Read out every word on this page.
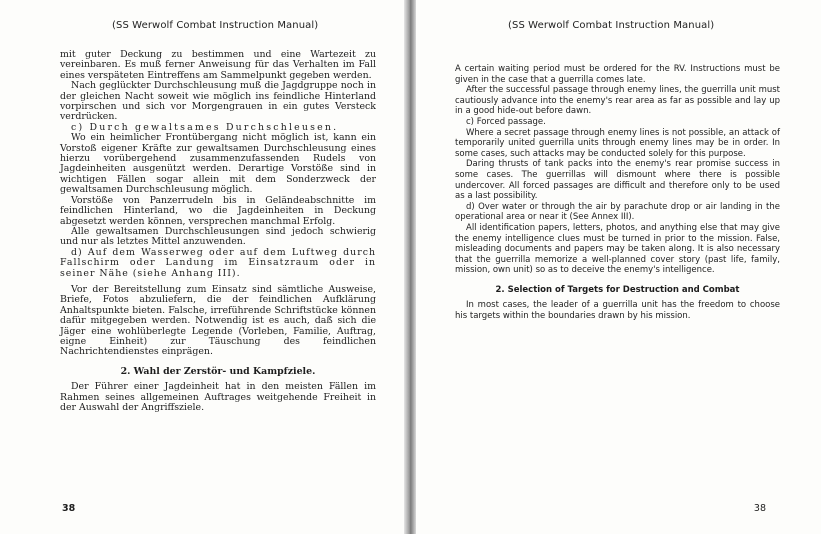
(SS Werwolf Combat Instruction Manual)

mit guter Deckung zu bestimmen und eine Wartezeit zu vereinbaren. Es muß ferner Anweisung für das Verhalten im Fall eines verspäteten Eintreffens am Sammelpunkt gegeben werden.

Nach geglückter Durchschleusung muß die Jagdgruppe noch in der gleichen Nacht soweit wie möglich ins feindliche Hinterland vorpirschen und sich vor Morgengrauen in ein gutes Versteck verdrücken.

c) Durch gewaltsames Durchschleusen.

Wo ein heimlicher Frontübergang nicht möglich ist, kann ein Vorstoß eigener Kräfte zur gewaltsamen Durchschleusung eines hierzu vorübergehend zusammenzufassenden Rudels von Jagdeinheiten ausgenützt werden. Derartige Vorstöße sind in wichtigen Fällen sogar allein mit dem Sonderzweck der gewaltsamen Durchschleusung möglich.

Vorstöße von Panzerrudeln bis in Geländeabschnitte im feindlichen Hinterland, wo die Jagdeinheiten in Deckung abgesetzt werden können, versprechen manchmal Erfolg.

Alle gewaltsamen Durchschleusungen sind jedoch schwierig und nur als letztes Mittel anzuwenden.

d) Auf dem Wasserweg oder auf dem Luftweg durch Fallschirm oder Landung im Einsatzraum oder in seiner Nähe (siehe Anhang III).

Vor der Bereitstellung zum Einsatz sind sämtliche Ausweise, Briefe, Fotos abzuliefern, die der feindlichen Aufklärung Anhaltspunkte bieten. Falsche, irreführende Schriftstücke können dafür mitgegeben werden. Notwendig ist es auch, daß sich die Jäger eine wohlüberlegte Legende (Vorleben, Familie, Auftrag, eigne Einheit) zur Täuschung des feindlichen Nachrichtendienstes einprägen.

2. Wahl der Zerstör- und Kampfziele.

Der Führer einer Jagdeinheit hat in den meisten Fällen im Rahmen seines allgemeinen Auftrages weitgehende Freiheit in der Auswahl der Angriffsziele.

38
(SS Werwolf Combat Instruction Manual)

A certain waiting period must be ordered for the RV. Instructions must be given in the case that a guerrilla comes late.

After the successful passage through enemy lines, the guerrilla unit must cautiously advance into the enemy's rear area as far as possible and lay up in a good hide-out before dawn.

c) Forced passage.

Where a secret passage through enemy lines is not possible, an attack of temporarily united guerrilla units through enemy lines may be in order. In some cases, such attacks may be conducted solely for this purpose.

Daring thrusts of tank packs into the enemy's rear promise success in some cases. The guerrillas will dismount where there is possible undercover. All forced passages are difficult and therefore only to be used as a last possibility.

d) Over water or through the air by parachute drop or air landing in the operational area or near it (See Annex III).

All identification papers, letters, photos, and anything else that may give the enemy intelligence clues must be turned in prior to the mission. False, misleading documents and papers may be taken along. It is also necessary that the guerrilla memorize a well-planned cover story (past life, family, mission, own unit) so as to deceive the enemy's intelligence.

2. Selection of Targets for Destruction and Combat

In most cases, the leader of a guerrilla unit has the freedom to choose his targets within the boundaries drawn by his mission.

38
